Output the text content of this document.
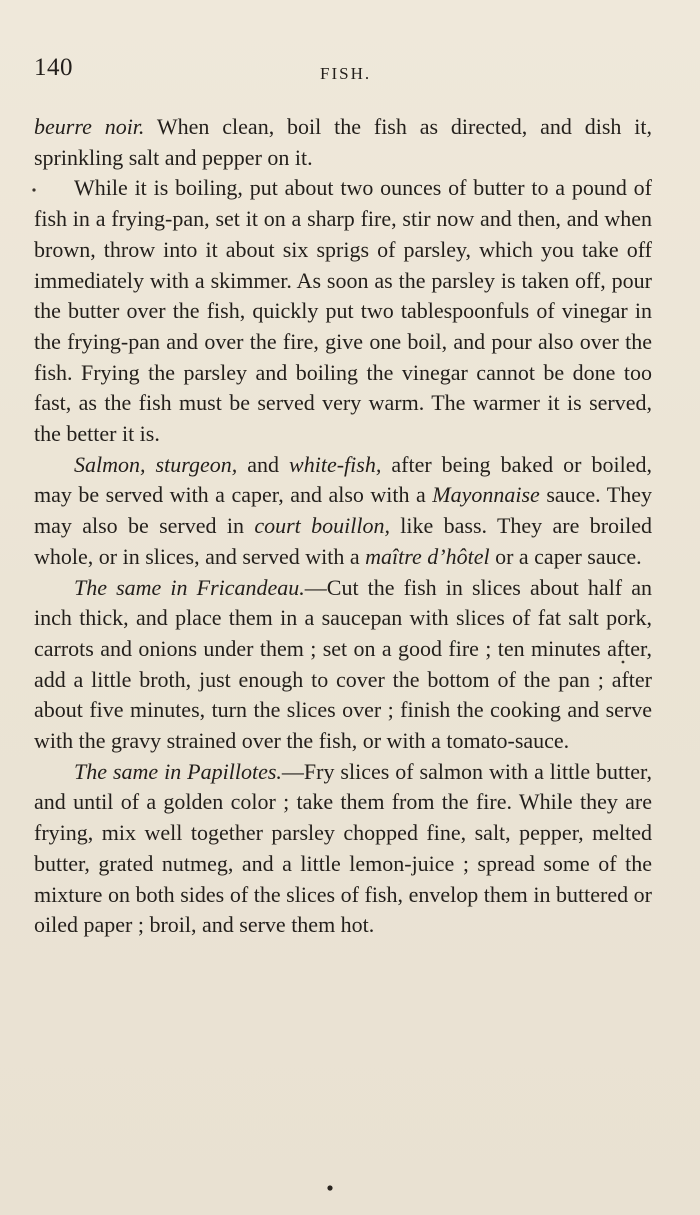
140	FISH.

beurre noir. When clean, boil the fish as directed, and dish it, sprinkling salt and pepper on it.

While it is boiling, put about two ounces of butter to a pound of fish in a frying-pan, set it on a sharp fire, stir now and then, and when brown, throw into it about six sprigs of parsley, which you take off immediately with a skimmer. As soon as the parsley is taken off, pour the butter over the fish, quickly put two tablespoonfuls of vinegar in the frying-pan and over the fire, give one boil, and pour also over the fish. Frying the parsley and boiling the vinegar cannot be done too fast, as the fish must be served very warm. The warmer it is served, the better it is.

Salmon, sturgeon, and white-fish, after being baked or boiled, may be served with a caper, and also with a Mayonnaise sauce. They may also be served in court bouillon, like bass. They are broiled whole, or in slices, and served with a maître d’hôtel or a caper sauce.

The same in Fricandeau.—Cut the fish in slices about half an inch thick, and place them in a saucepan with slices of fat salt pork, carrots and onions under them ; set on a good fire ; ten minutes after, add a little broth, just enough to cover the bottom of the pan ; after about five minutes, turn the slices over ; finish the cooking and serve with the gravy strained over the fish, or with a tomato-sauce.

The same in Papillotes.—Fry slices of salmon with a little butter, and until of a golden color ; take them from the fire. While they are frying, mix well together parsley chopped fine, salt, pepper, melted butter, grated nutmeg, and a little lemon-juice ; spread some of the mixture on both sides of the slices of fish, envelop them in buttered or oiled paper ; broil, and serve them hot.
